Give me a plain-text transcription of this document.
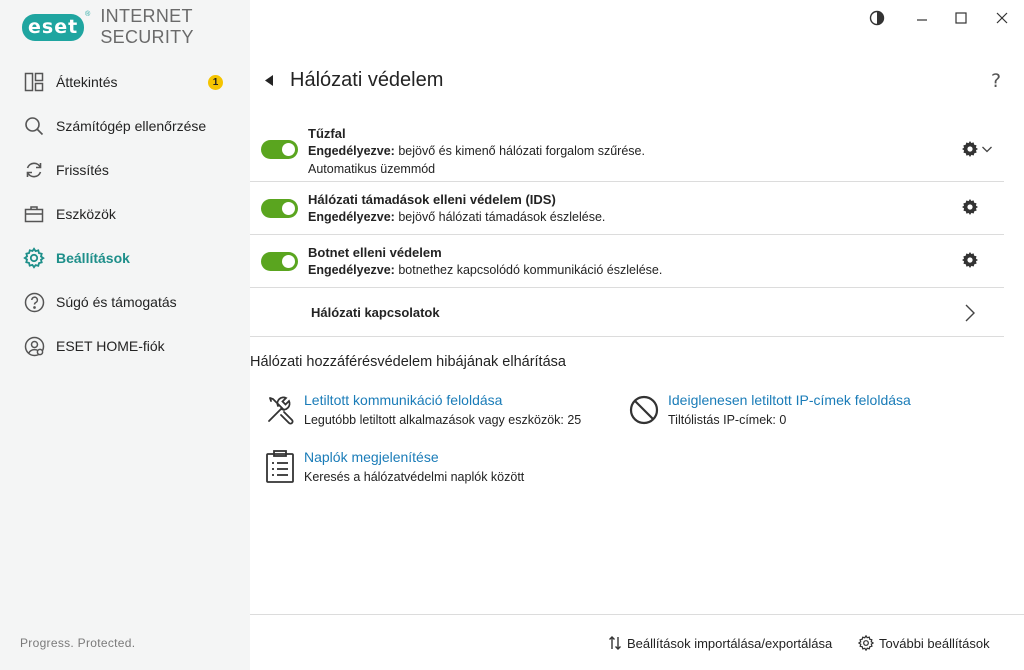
eset
® INTERNET SECURITY
Áttekintés	1
Számítógép ellenőrzése
Frissítés
Eszközök
Beállítások
Súgó és támogatás
ESET HOME-fiók
Progress. Protected.
Hálózati védelem	?
Tűzfal
Engedélyezve: bejövő és kimenő hálózati forgalom szűrése.
Automatikus üzemmód
Hálózati támadások elleni védelem (IDS)
Engedélyezve: bejövő hálózati támadások észlelése.
Botnet elleni védelem
Engedélyezve: botnethez kapcsolódó kommunikáció észlelése.
Hálózati kapcsolatok
Hálózati hozzáférésvédelem hibájának elhárítása
Letiltott kommunikáció feloldása
Legutóbb letiltott alkalmazások vagy eszközök: 25
Ideiglenesen letiltott IP-címek feloldása
Tiltólistás IP-címek: 0
Naplók megjelenítése
Keresés a hálózatvédelmi naplók között
Beállítások importálása/exportálása	További beállítások
